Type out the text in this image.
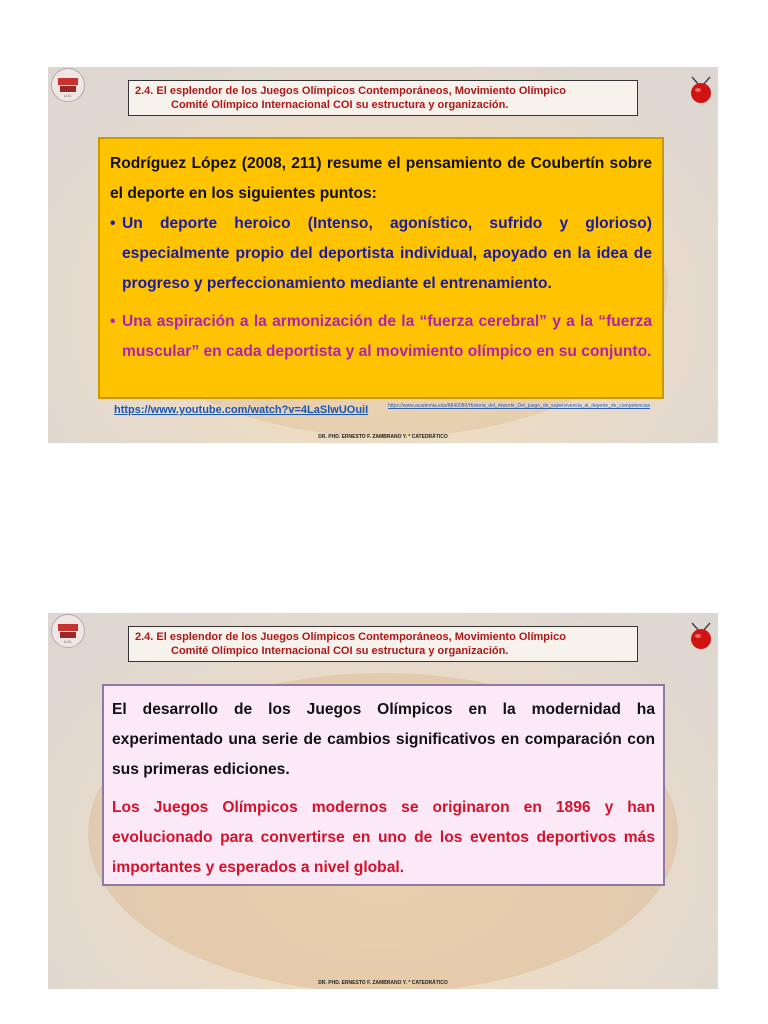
U.G.	2.4. El esplendor de los Juegos Olímpicos Contemporáneos, Movimiento Olímpico
Comité Olímpico Internacional COI su estructura y organización.

Rodríguez López (2008, 211) resume el pensamiento de Coubertín sobre el deporte en los siguientes puntos:

• Un deporte heroico (Intenso, agonístico, sufrido y glorioso) especialmente propio del deportista individual, apoyado en la idea de progreso y perfeccionamiento mediante el entrenamiento.
• Una aspiración a la armonización de la “fuerza cerebral” y a la “fuerza muscular” en cada deportista y al movimiento olímpico en su conjunto.
https://www.youtube.com/watch?v=4LaSlwUOuiI	https://www.academia.edu/8840080/Historia_del_deporte_Del_juego_de_supervivencia_al_deporte_de_competencias
DR. PHD. ERNESTO F. ZAMBRANO Y. * CATEDRÁTICO
U.G.	2.4. El esplendor de los Juegos Olímpicos Contemporáneos, Movimiento Olímpico
Comité Olímpico Internacional COI su estructura y organización.

El desarrollo de los Juegos Olímpicos en la modernidad ha experimentado una serie de cambios significativos en comparación con sus primeras ediciones.

Los Juegos Olímpicos modernos se originaron en 1896 y han evolucionado para convertirse en uno de los eventos deportivos más importantes y esperados a nivel global.

DR. PHD. ERNESTO F. ZAMBRANO Y. * CATEDRÁTICO
